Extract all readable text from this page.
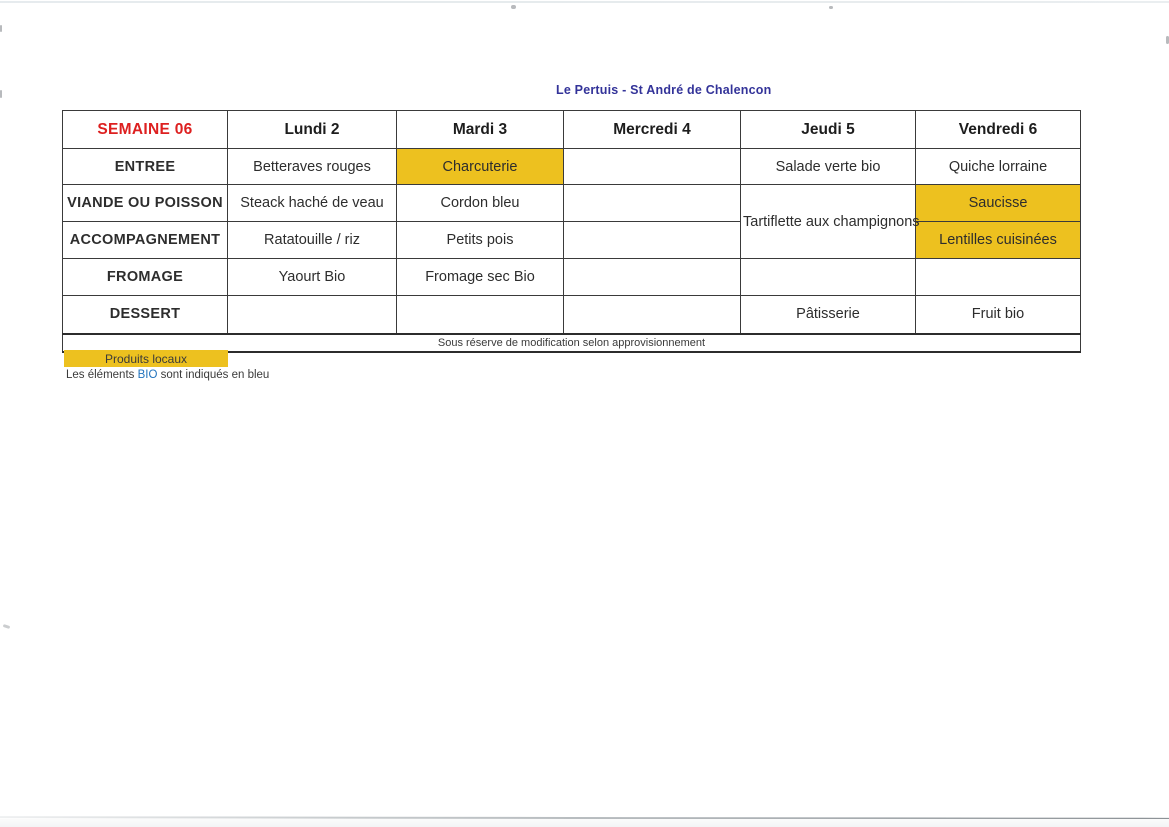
Le Pertuis - St André de Chalencon
SEMAINE 06	Lundi 2	Mardi 3	Mercredi 4	Jeudi 5	Vendredi 6
ENTREE	Betteraves rouges	Charcuterie		Salade verte bio	Quiche lorraine
VIANDE OU POISSON	Steack haché de veau	Cordon bleu		Tartiflette aux champignons	Saucisse
ACCOMPAGNEMENT	Ratatouille / riz	Petits pois			Lentilles cuisinées
FROMAGE	Yaourt Bio	Fromage sec Bio			
DESSERT				Pâtisserie	Fruit bio
Sous réserve de modification selon approvisionnement					
Produits locaux
Les éléments BIO sont indiqués en bleu
